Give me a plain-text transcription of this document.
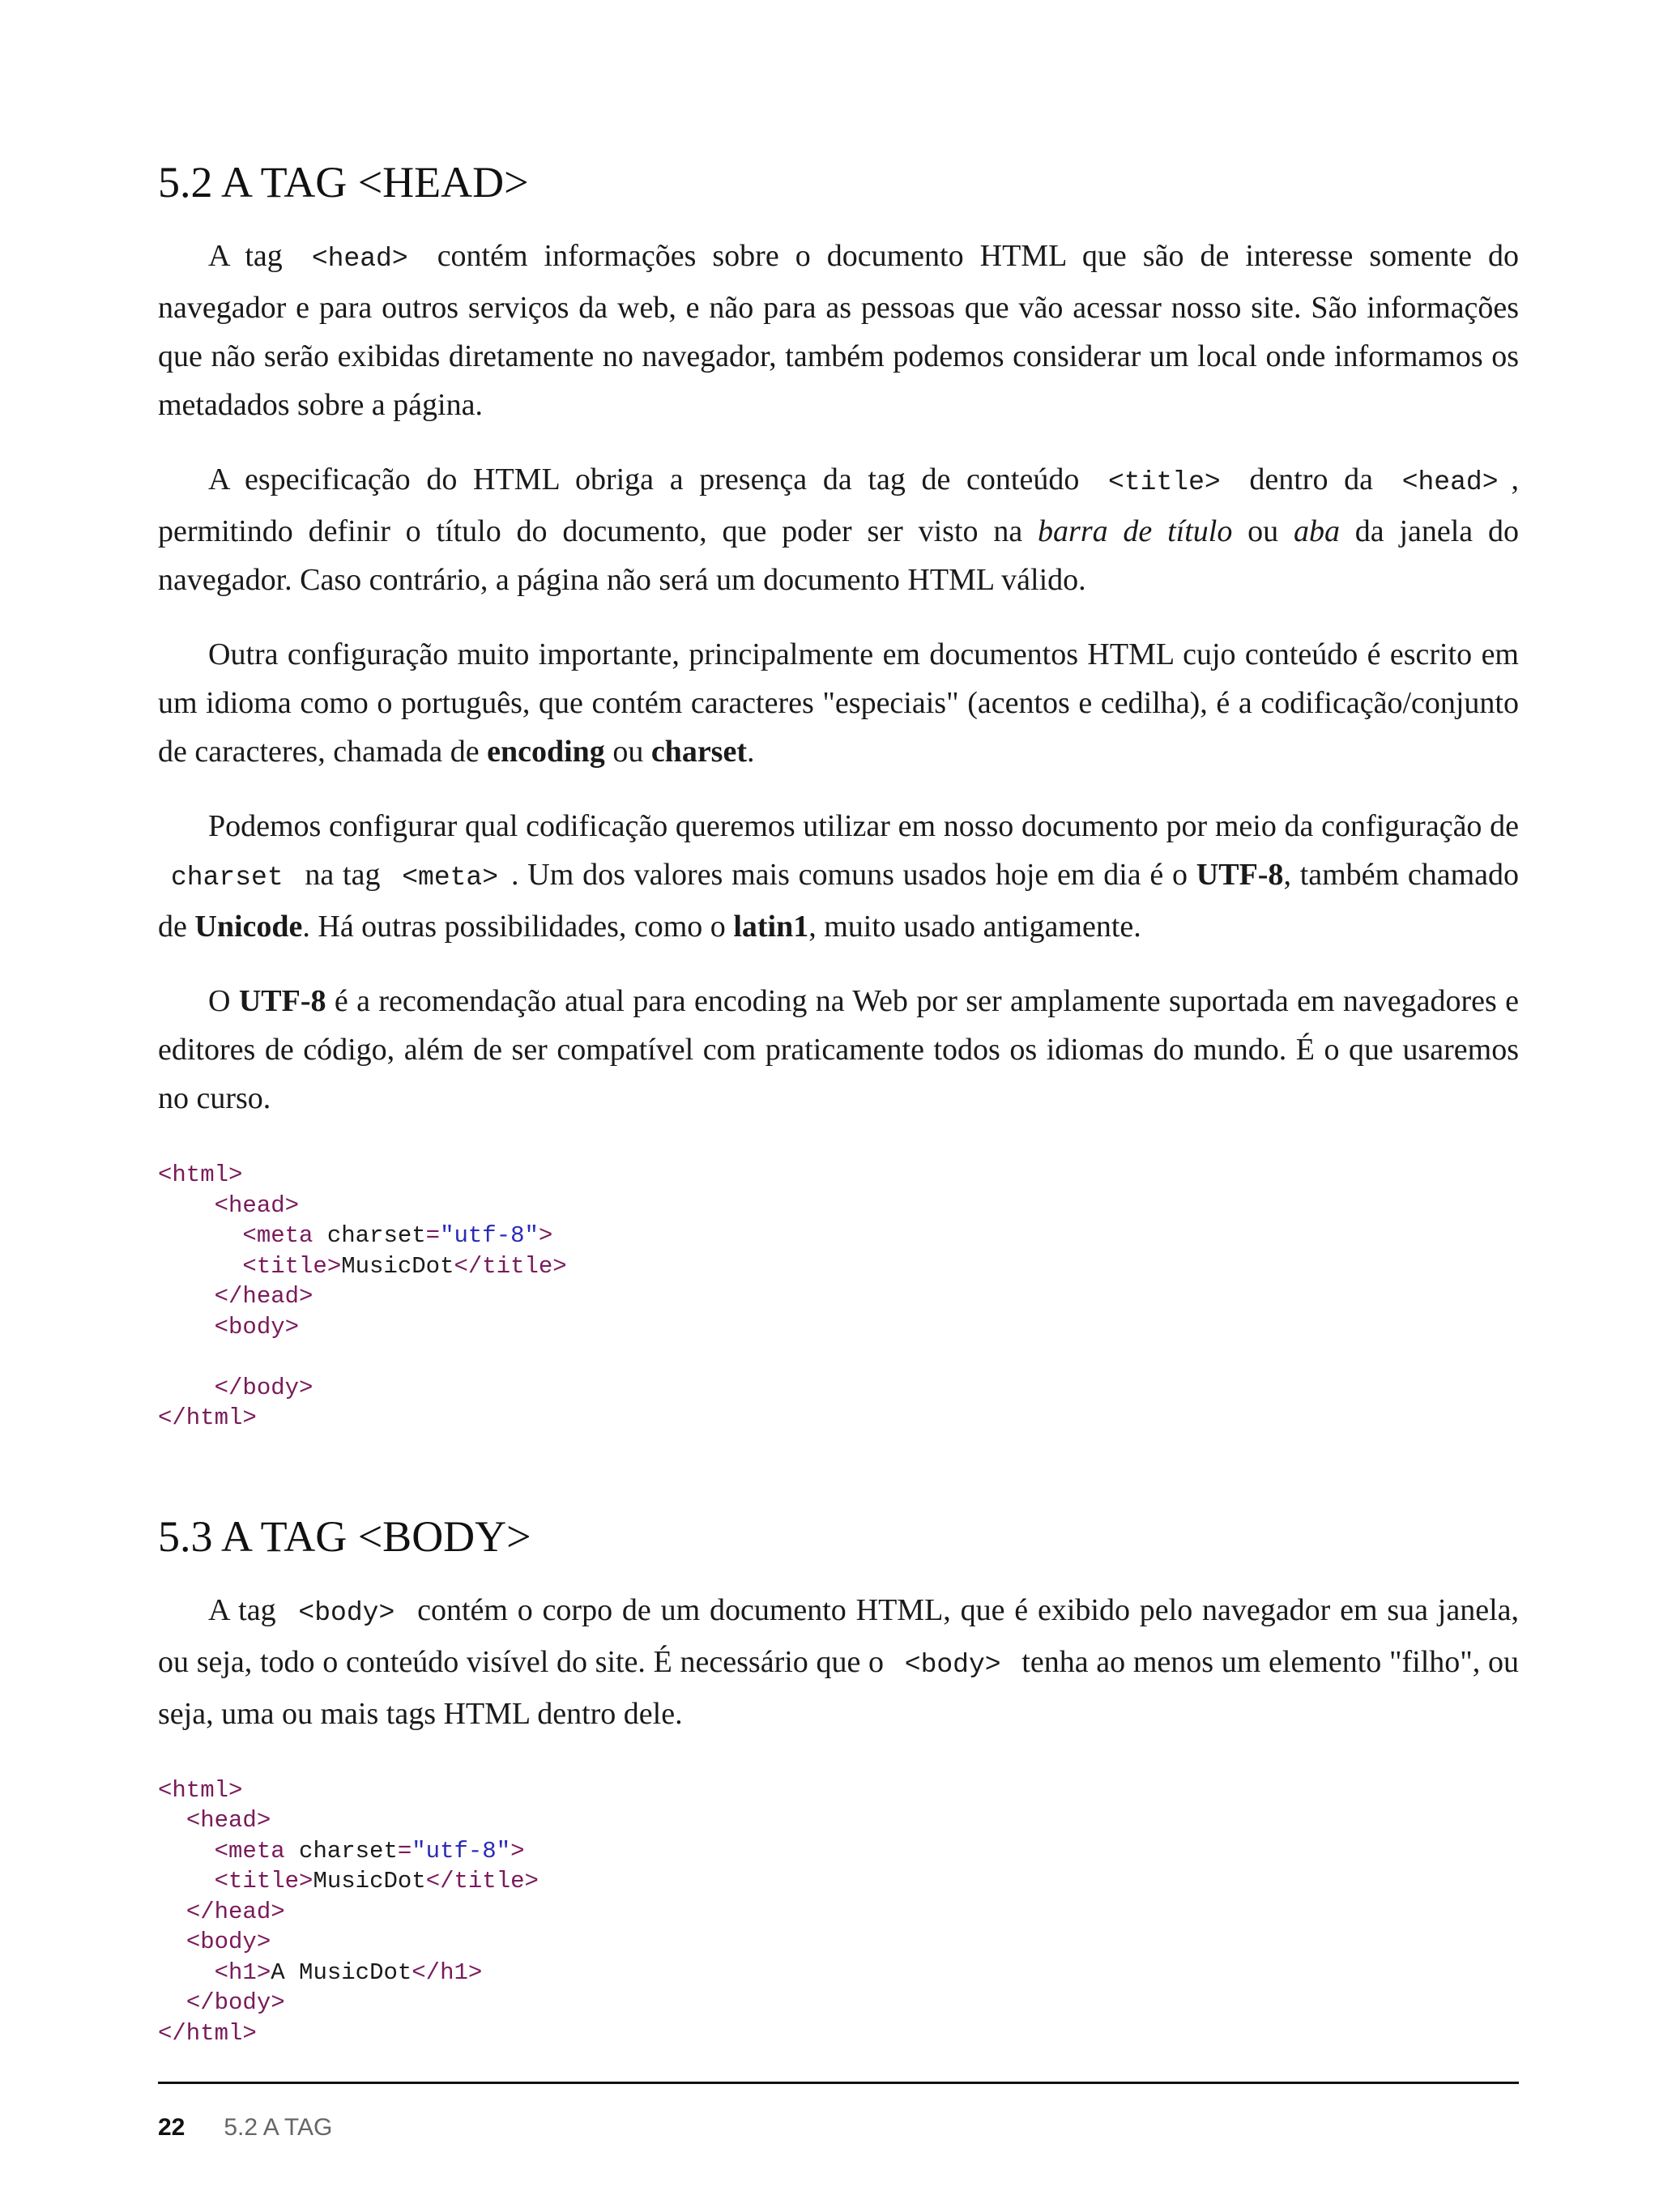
5.2 A TAG <HEAD>

A tag <head> contém informações sobre o documento HTML que são de interesse somente do navegador e para outros serviços da web, e não para as pessoas que vão acessar nosso site. São informações que não serão exibidas diretamente no navegador, também podemos considerar um local onde informamos os metadados sobre a página.

A especificação do HTML obriga a presença da tag de conteúdo <title> dentro da <head> , permitindo definir o título do documento, que poder ser visto na barra de título ou aba da janela do navegador. Caso contrário, a página não será um documento HTML válido.

Outra configuração muito importante, principalmente em documentos HTML cujo conteúdo é escrito em um idioma como o português, que contém caracteres "especiais" (acentos e cedilha), é a codificação/conjunto de caracteres, chamada de encoding ou charset.

Podemos configurar qual codificação queremos utilizar em nosso documento por meio da configuração de charset na tag <meta> . Um dos valores mais comuns usados hoje em dia é o UTF-8, também chamado de Unicode. Há outras possibilidades, como o latin1, muito usado antigamente.

O UTF-8 é a recomendação atual para encoding na Web por ser amplamente suportada em navegadores e editores de código, além de ser compatível com praticamente todos os idiomas do mundo. É o que usaremos no curso.

<html>
<head>
<meta charset="utf-8">
<title>MusicDot</title>
</head>
<body>

</body>
</html>
5.3 A TAG <BODY>

A tag <body> contém o corpo de um documento HTML, que é exibido pelo navegador em sua janela, ou seja, todo o conteúdo visível do site. É necessário que o <body> tenha ao menos um elemento "filho", ou seja, uma ou mais tags HTML dentro dele.

<html>
<head>
<meta charset="utf-8">
<title>MusicDot</title>
</head>
<body>
<h1>A MusicDot</h1>
</body>
</html>
22 5.2 A TAG
